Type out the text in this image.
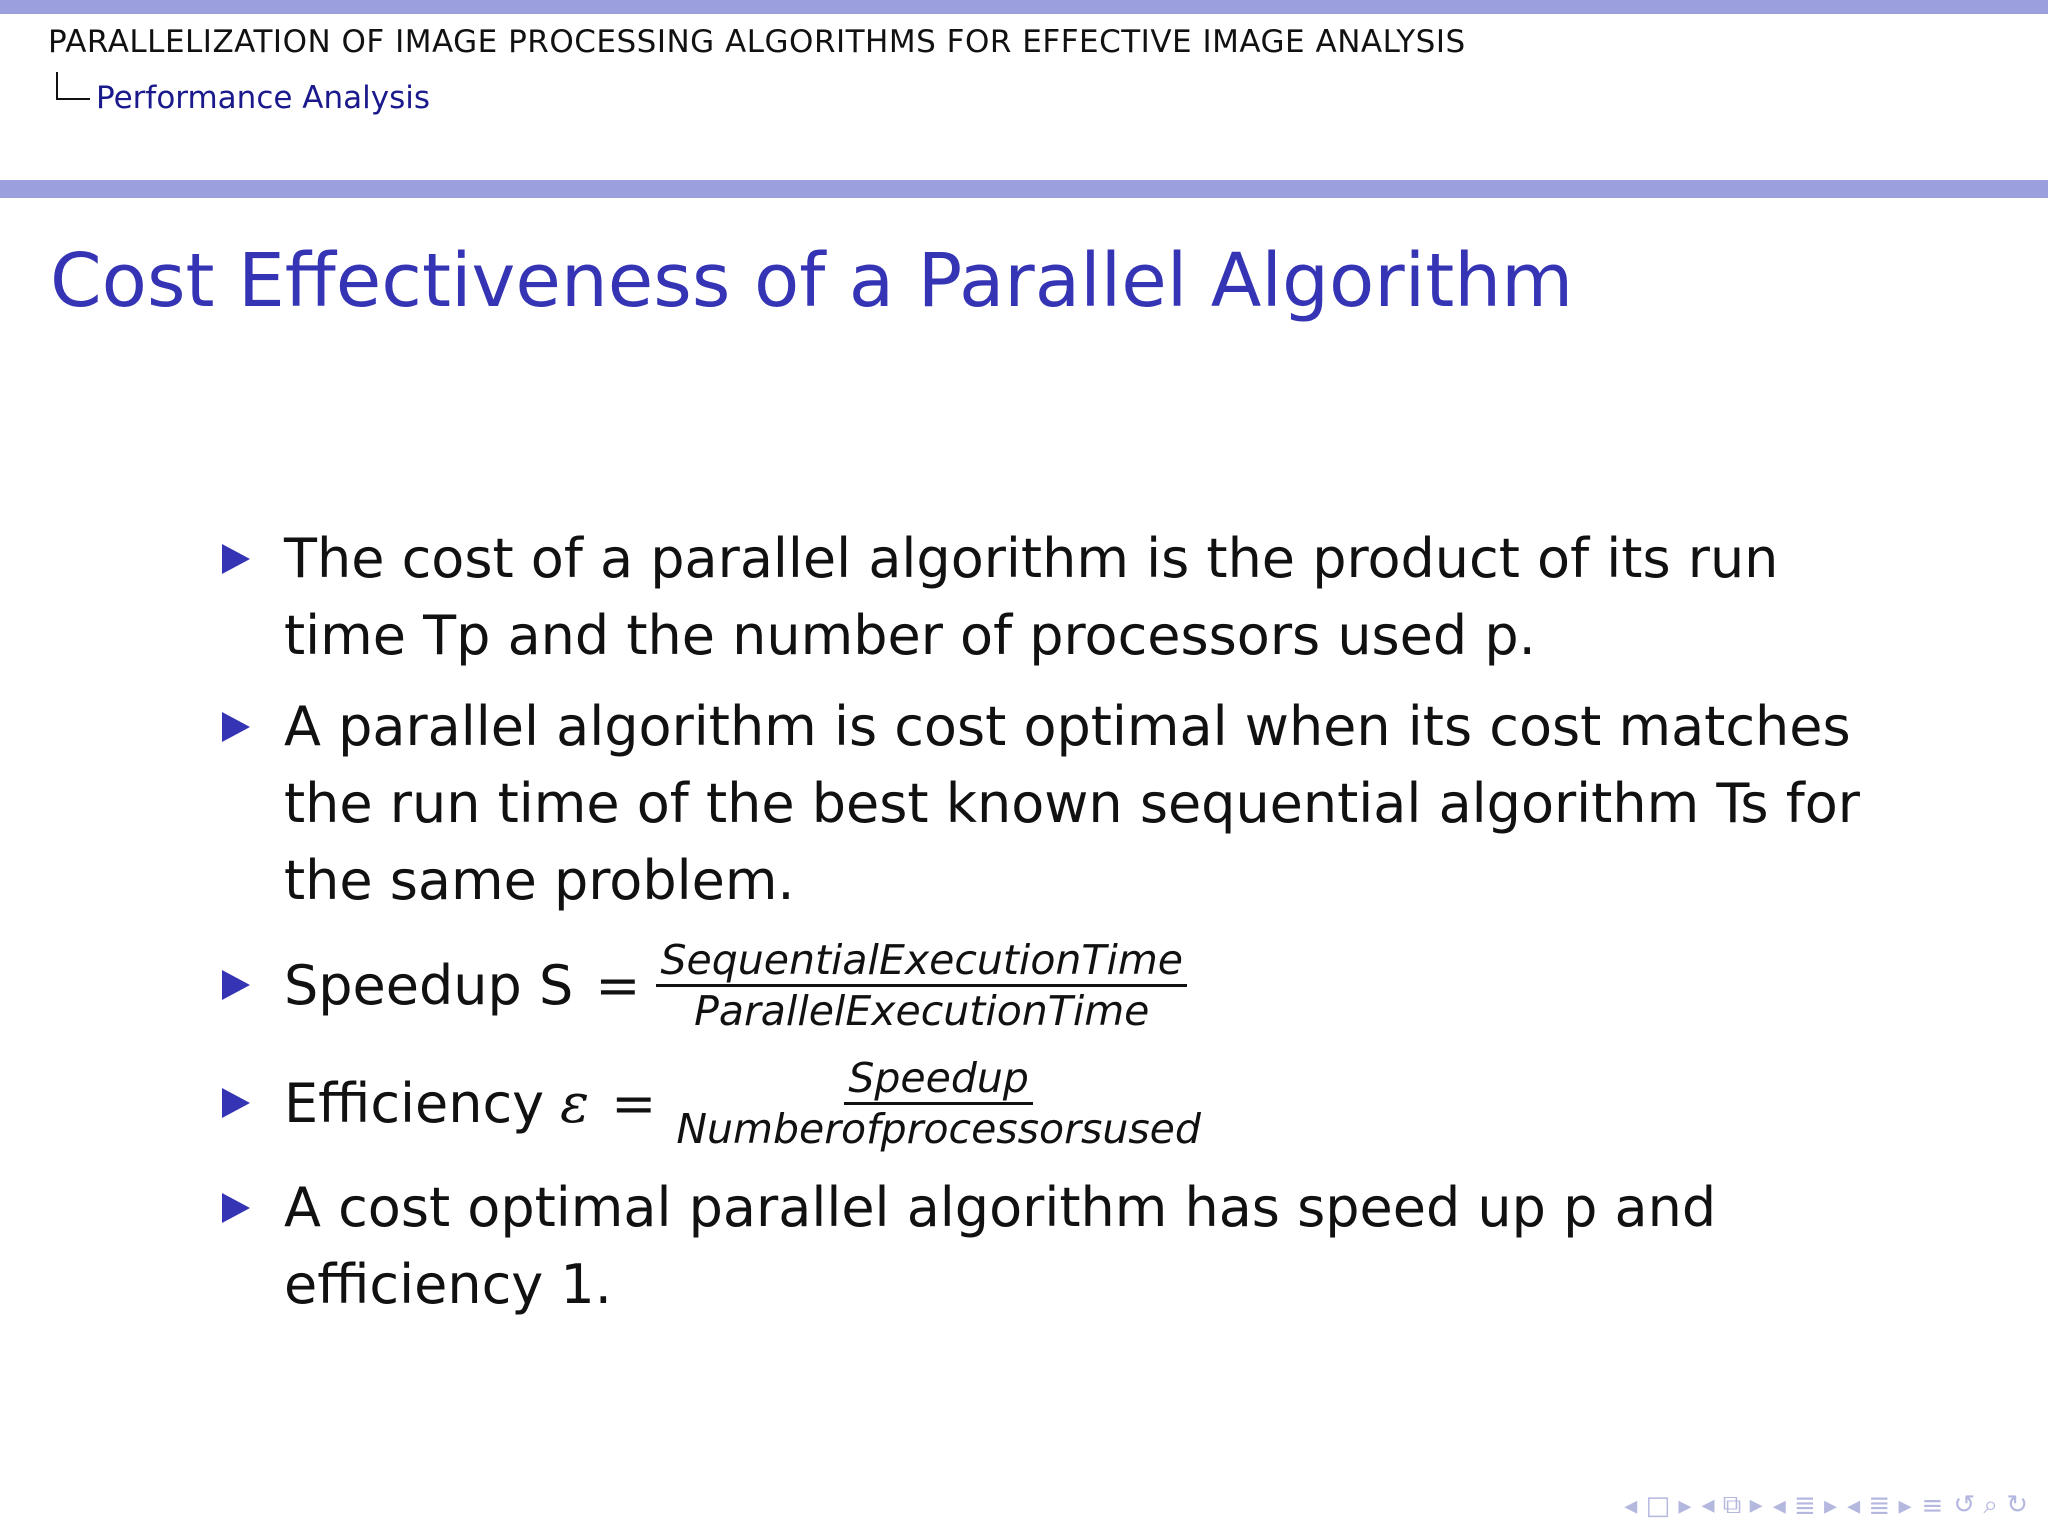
PARALLELIZATION OF IMAGE PROCESSING ALGORITHMS FOR EFFECTIVE IMAGE ANALYSIS
Performance Analysis
Cost Effectiveness of a Parallel Algorithm
The cost of a parallel algorithm is the product of its run time Tp and the number of processors used p.
A parallel algorithm is cost optimal when its cost matches the run time of the best known sequential algorithm Ts for the same problem.
Speedup $S = \frac{\text{SequentialExecutionTime}}{\text{ParallelExecutionTime}}$
Efficiency $\varepsilon = \frac{\text{Speedup}}{\text{Numberofprocessorsused}}$
A cost optimal parallel algorithm has speed up p and efficiency 1.
◂ □ ▸ ◂ ⧉ ▸ ◂ ≣ ▸ ◂ ≣ ▸ ≡ ↺ ⌕ ↻
